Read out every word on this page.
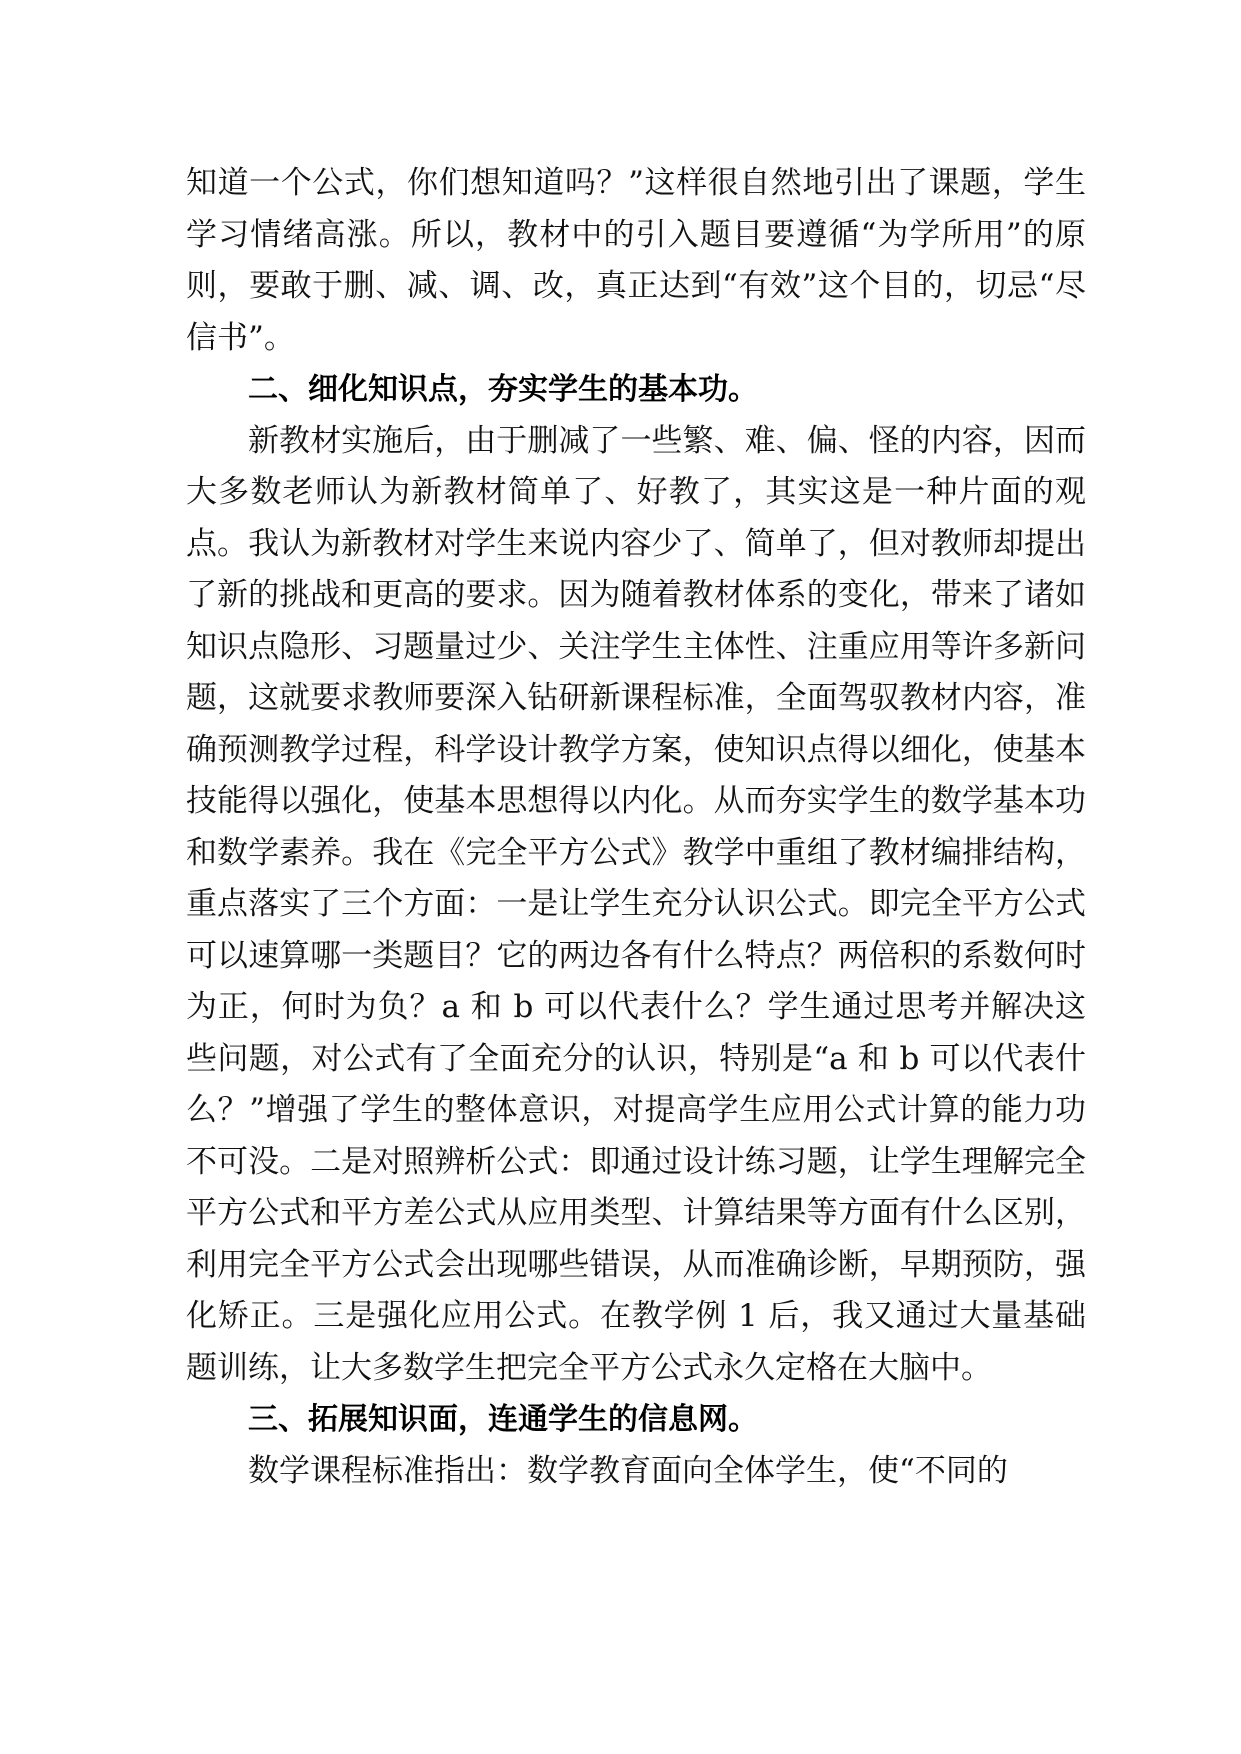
知道一个公式，你们想知道吗？”这样很自然地引出了课题，学生学习情绪高涨。所以，教材中的引入题目要遵循“为学所用”的原则，要敢于删、减、调、改，真正达到“有效”这个目的，切忌“尽信书”。

二、细化知识点，夯实学生的基本功。

新教材实施后，由于删减了一些繁、难、偏、怪的内容，因而大多数老师认为新教材简单了、好教了，其实这是一种片面的观点。我认为新教材对学生来说内容少了、简单了，但对教师却提出了新的挑战和更高的要求。因为随着教材体系的变化，带来了诸如知识点隐形、习题量过少、关注学生主体性、注重应用等许多新问题，这就要求教师要深入钻研新课程标准，全面驾驭教材内容，准确预测教学过程，科学设计教学方案，使知识点得以细化，使基本技能得以强化，使基本思想得以内化。从而夯实学生的数学基本功和数学素养。我在《完全平方公式》教学中重组了教材编排结构，重点落实了三个方面：一是让学生充分认识公式。即完全平方公式可以速算哪一类题目？它的两边各有什么特点？两倍积的系数何时为正，何时为负？a 和 b 可以代表什么？学生通过思考并解决这些问题，对公式有了全面充分的认识，特别是“a 和 b 可以代表什么？”增强了学生的整体意识，对提高学生应用公式计算的能力功不可没。二是对照辨析公式：即通过设计练习题，让学生理解完全平方公式和平方差公式从应用类型、计算结果等方面有什么区别，利用完全平方公式会出现哪些错误，从而准确诊断，早期预防，强化矫正。三是强化应用公式。在教学例 1 后，我又通过大量基础题训练，让大多数学生把完全平方公式永久定格在大脑中。

三、拓展知识面，连通学生的信息网。

数学课程标准指出：数学教育面向全体学生，使“不同的
